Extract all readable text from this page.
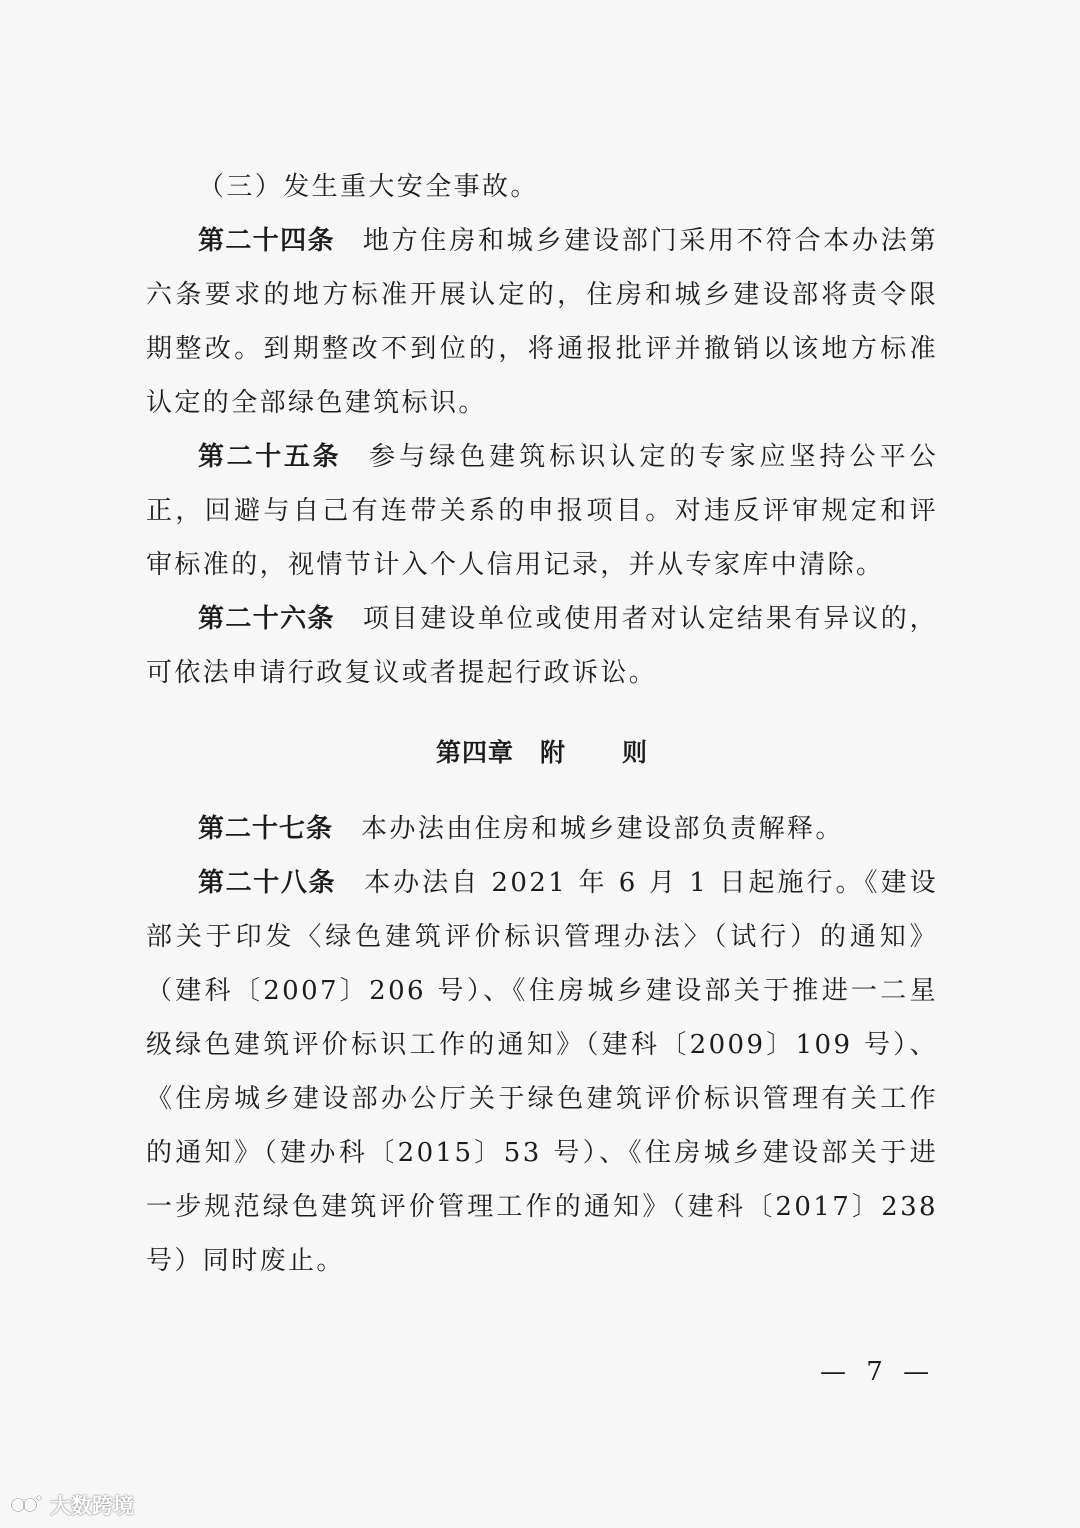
（三）发生重大安全事故。

第二十四条 地方住房和城乡建设部门采用不符合本办法第六条要求的地方标准开展认定的，住房和城乡建设部将责令限期整改。到期整改不到位的，将通报批评并撤销以该地方标准认定的全部绿色建筑标识。

第二十五条 参与绿色建筑标识认定的专家应坚持公平公正，回避与自己有连带关系的申报项目。对违反评审规定和评审标准的，视情节计入个人信用记录，并从专家库中清除。

第二十六条 项目建设单位或使用者对认定结果有异议的，可依法申请行政复议或者提起行政诉讼。

第四章 附 则

第二十七条 本办法由住房和城乡建设部负责解释。

第二十八条 本办法自 2021 年 6 月 1 日起施行。《建设部关于印发〈绿色建筑评价标识管理办法〉（试行）的通知》（建科〔2007〕206 号）、《住房城乡建设部关于推进一二星级绿色建筑评价标识工作的通知》（建科〔2009〕109 号）、《住房城乡建设部办公厅关于绿色建筑评价标识管理有关工作的通知》（建办科〔2015〕53 号）、《住房城乡建设部关于进一步规范绿色建筑评价管理工作的通知》（建科〔2017〕238 号）同时废止。

— 7 —
大数跨境
